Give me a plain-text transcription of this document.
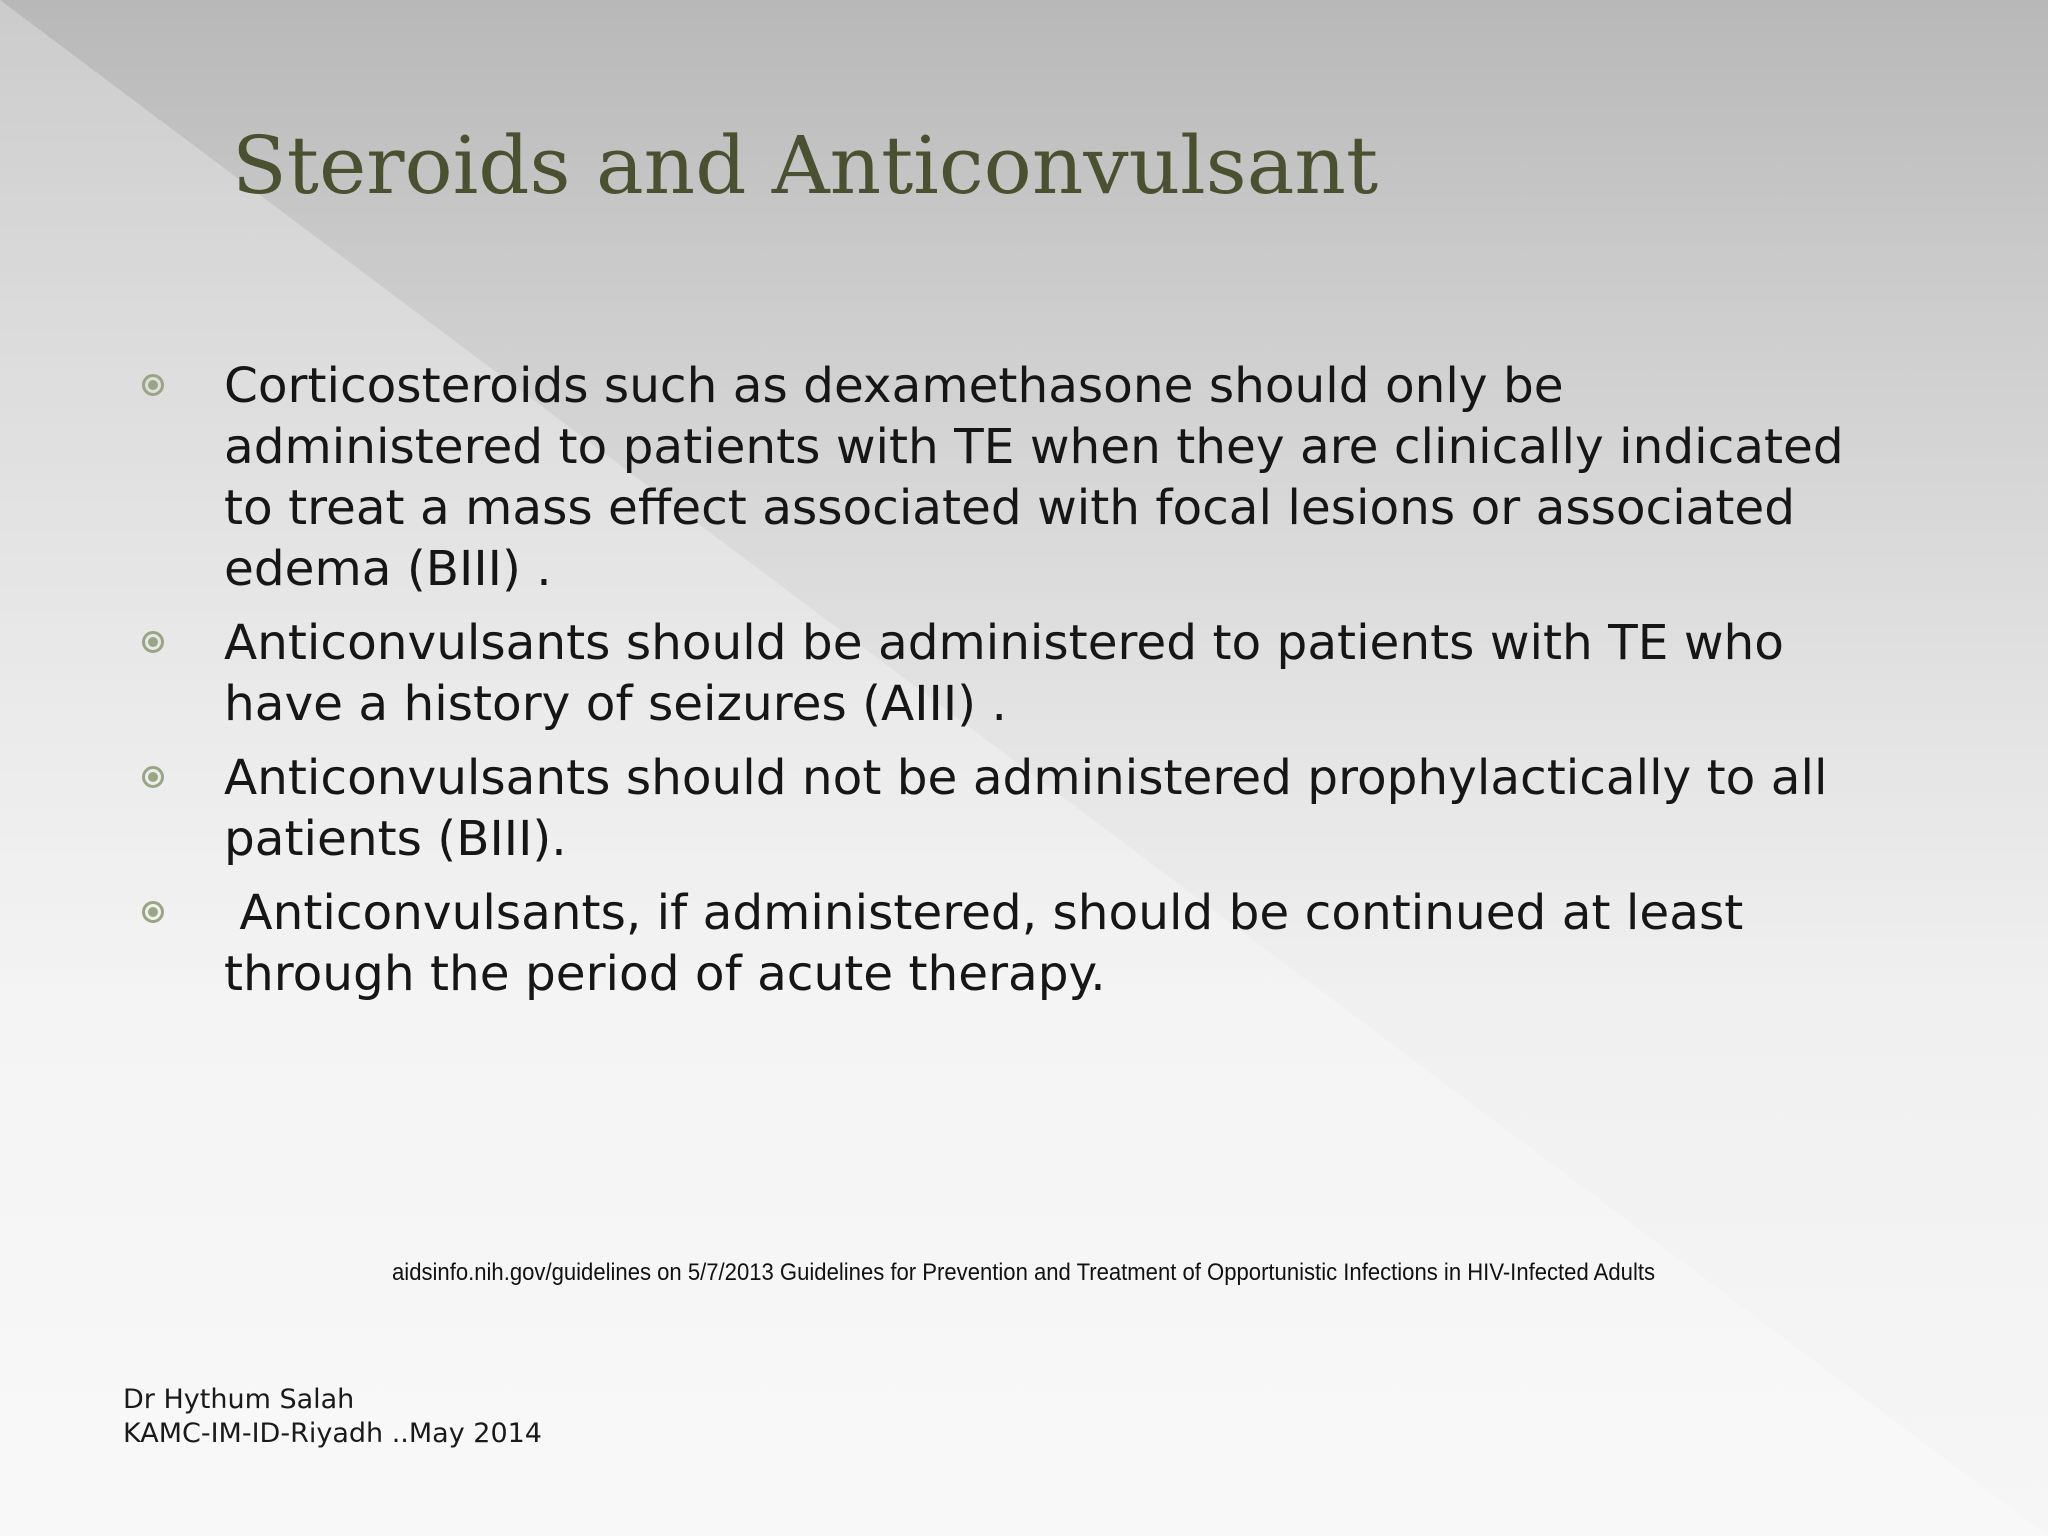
Steroids and Anticonvulsant
Corticosteroids such as dexamethasone should only be administered to patients with TE when they are clinically indicated to treat a mass effect associated with focal lesions or associated edema (BIII) .
Anticonvulsants should be administered to patients with TE who have a history of seizures (AIII) .
Anticonvulsants should not be administered prophylactically to all patients (BIII).
Anticonvulsants, if administered, should be continued at least through the period of acute therapy.
aidsinfo.nih.gov/guidelines on 5/7/2013 Guidelines for Prevention and Treatment of Opportunistic Infections in HIV-Infected Adults
Dr Hythum Salah
KAMC-IM-ID-Riyadh ..May 2014
